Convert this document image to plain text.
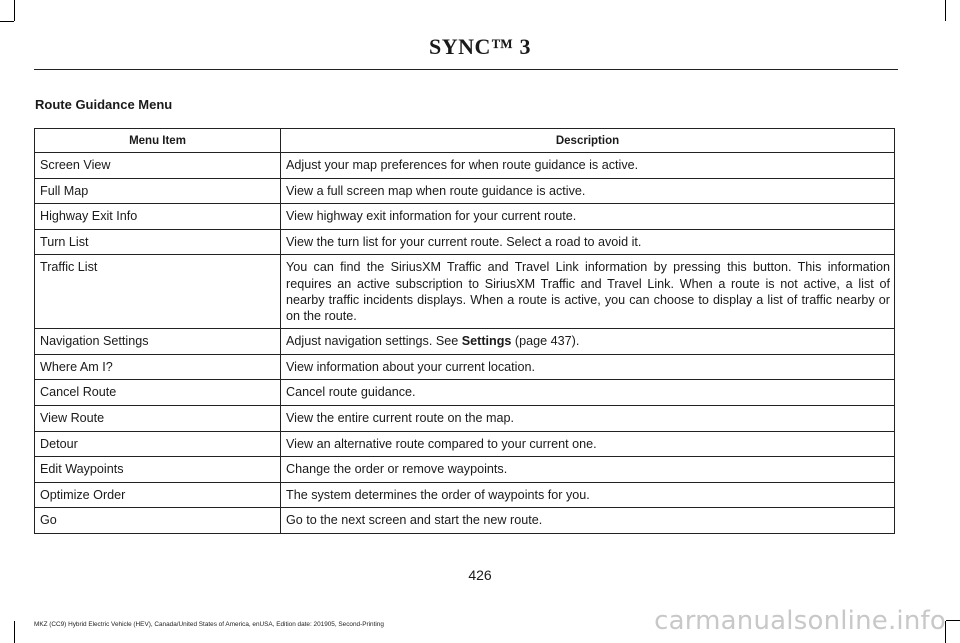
SYNC™ 3
Route Guidance Menu
Menu Item	Description
Screen View	Adjust your map preferences for when route guidance is active.
Full Map	View a full screen map when route guidance is active.
Highway Exit Info	View highway exit information for your current route.
Turn List	View the turn list for your current route. Select a road to avoid it.
Traffic List	You can find the SiriusXM Traffic and Travel Link information by pressing this button. This information requires an active subscription to SiriusXM Traffic and Travel Link. When a route is not active, a list of nearby traffic incidents displays. When a route is active, you can choose to display a list of traffic nearby or on the route.
Navigation Settings	Adjust navigation settings. See Settings (page 437).
Where Am I?	View information about your current location.
Cancel Route	Cancel route guidance.
View Route	View the entire current route on the map.
Detour	View an alternative route compared to your current one.
Edit Waypoints	Change the order or remove waypoints.
Optimize Order	The system determines the order of waypoints for you.
Go	Go to the next screen and start the new route.
426
MKZ (CC9) Hybrid Electric Vehicle (HEV), Canada/United States of America, enUSA, Edition date: 201905, Second-Printing	carmanualsonline.info
